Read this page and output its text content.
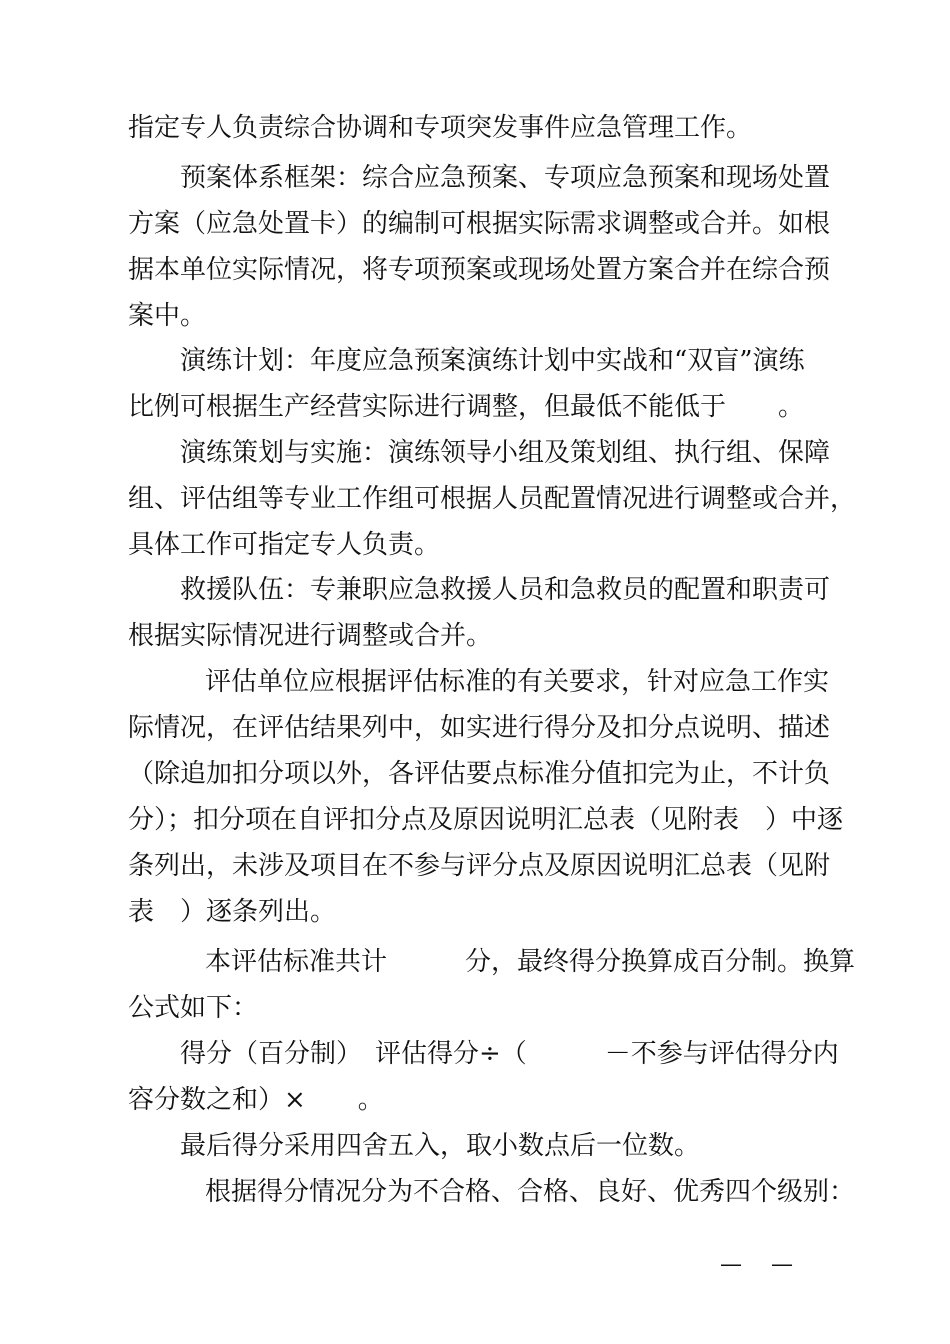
指定专人负责综合协调和专项突发事件应急管理工作。
预案体系框架：综合应急预案、专项应急预案和现场处置
方案（应急处置卡）的编制可根据实际需求调整或合并。如根
据本单位实际情况，将专项预案或现场处置方案合并在综合预
案中。
演练计划：年度应急预案演练计划中实战和“双盲”演练
比例可根据生产经营实际进行调整，但最低不能低于　　。
演练策划与实施：演练领导小组及策划组、执行组、保障
组、评估组等专业工作组可根据人员配置情况进行调整或合并，
具体工作可指定专人负责。
救援队伍：专兼职应急救援人员和急救员的配置和职责可
根据实际情况进行调整或合并。
评估单位应根据评估标准的有关要求，针对应急工作实
际情况，在评估结果列中，如实进行得分及扣分点说明、描述
（除追加扣分项以外，各评估要点标准分值扣完为止，不计负
分）；扣分项在自评扣分点及原因说明汇总表（见附表　）中逐
条列出，未涉及项目在不参与评分点及原因说明汇总表（见附
表　）逐条列出。
本评估标准共计　　　分，最终得分换算成百分制。换算
公式如下：
得分（百分制）　评估得分÷（　　　－不参与评估得分内
容分数之和）×　　。
最后得分采用四舍五入，取小数点后一位数。
根据得分情况分为不合格、合格、良好、优秀四个级别：
—　 —
